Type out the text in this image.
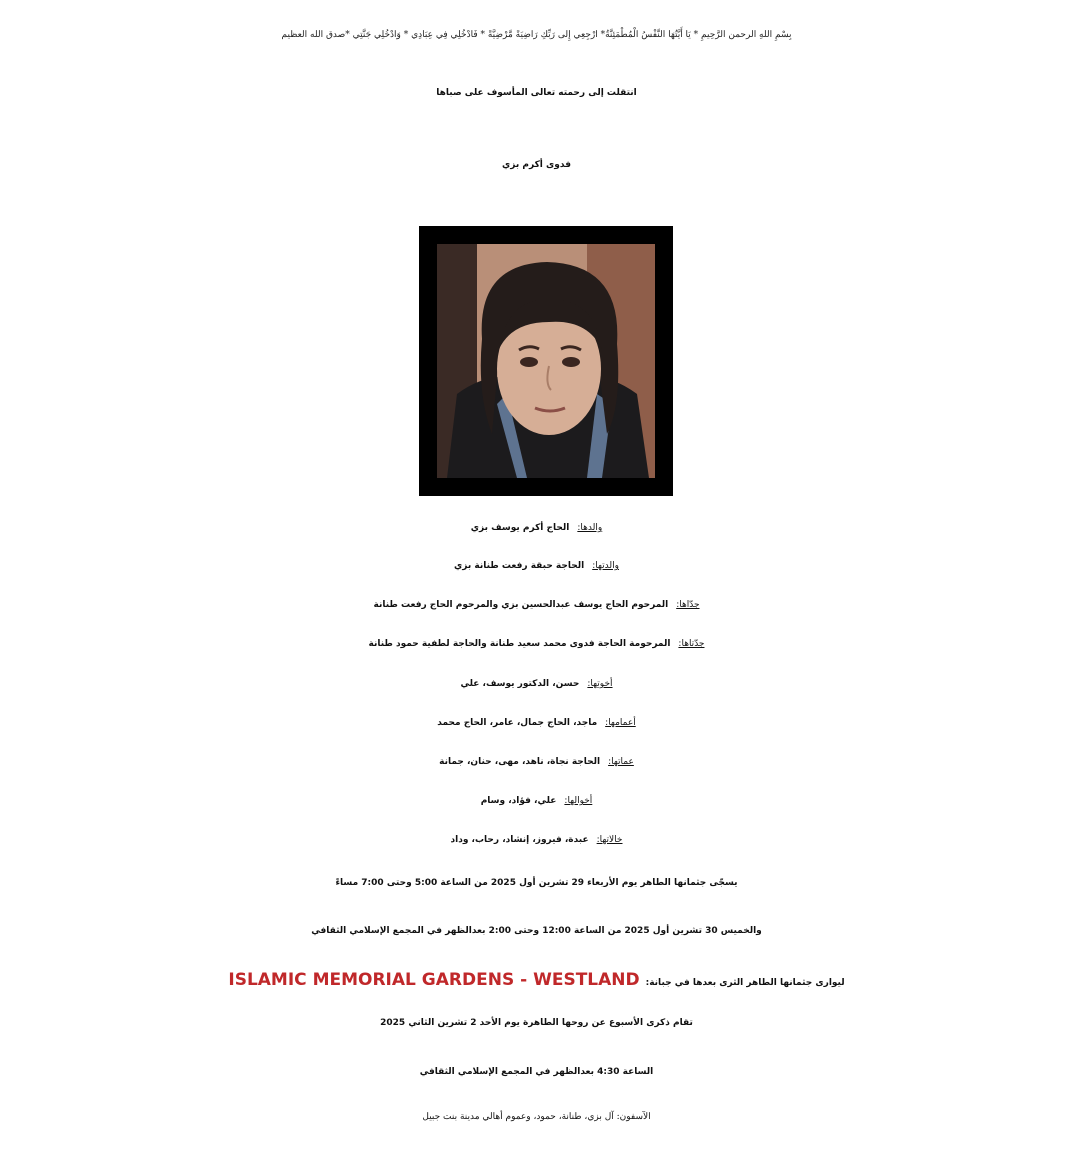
بِسْمِ اللهِ الرحمن الرَّحِيمِ * يَا أَيَّتُهَا النَّفْسُ الْمُطْمَئِنَّةُ* ارْجِعِي إِلى رَبِّكِ رَاضِيَةً مَّرْضِيَّةً * فَادْخُلِي فِي عِبَادِي * وَادْخُلِي جَنَّتِي *صدق الله العظيم
انتقلت إلى رحمته تعالى المأسوف على صباها
فدوى أكرم بزي
والدها:الحاج أكرم يوسف بزي
والدتها:الحاجة حبقة رفعت طنانة بزي
جدّاها:المرحوم الحاج يوسف عبدالحسين بزي والمرحوم الحاج رفعت طنانة
جدّتاها:المرحومة الحاجة فدوى محمد سعيد طنانة والحاجة لطفية حمود طنانة
أخوتها:حسن، الدكتور يوسف، علي
أعمامها:ماجد، الحاج جمال، عامر، الحاج محمد
عماتها:الحاجة نجاة، ناهد، مهى، حنان، جمانة
أخوالها:علي، فؤاد، وسام
خالاتها:عبدة، فيروز، إنشاد، رحاب، وداد
يسجّى جثمانها الطاهر يوم الأربعاء 29 تشرين أول 2025 من الساعة 5:00 وحتى 7:00 مساءً
والخميس 30 تشرين أول 2025 من الساعة 12:00 وحتى 2:00 بعدالظهر في المجمع الإسلامي الثقافي
ليوارى جثمانها الطاهر الثرى بعدها في جبانة:ISLAMIC MEMORIAL GARDENS - WESTLAND
تقام ذكرى الأسبوع عن روحها الطاهرة يوم الأحد 2 تشرين الثاني 2025
الساعة 4:30 بعدالظهر في المجمع الإسلامي الثقافي
الآسفون: آل بزي، طنانة، حمود، وعموم أهالي مدينة بنت جبيل
